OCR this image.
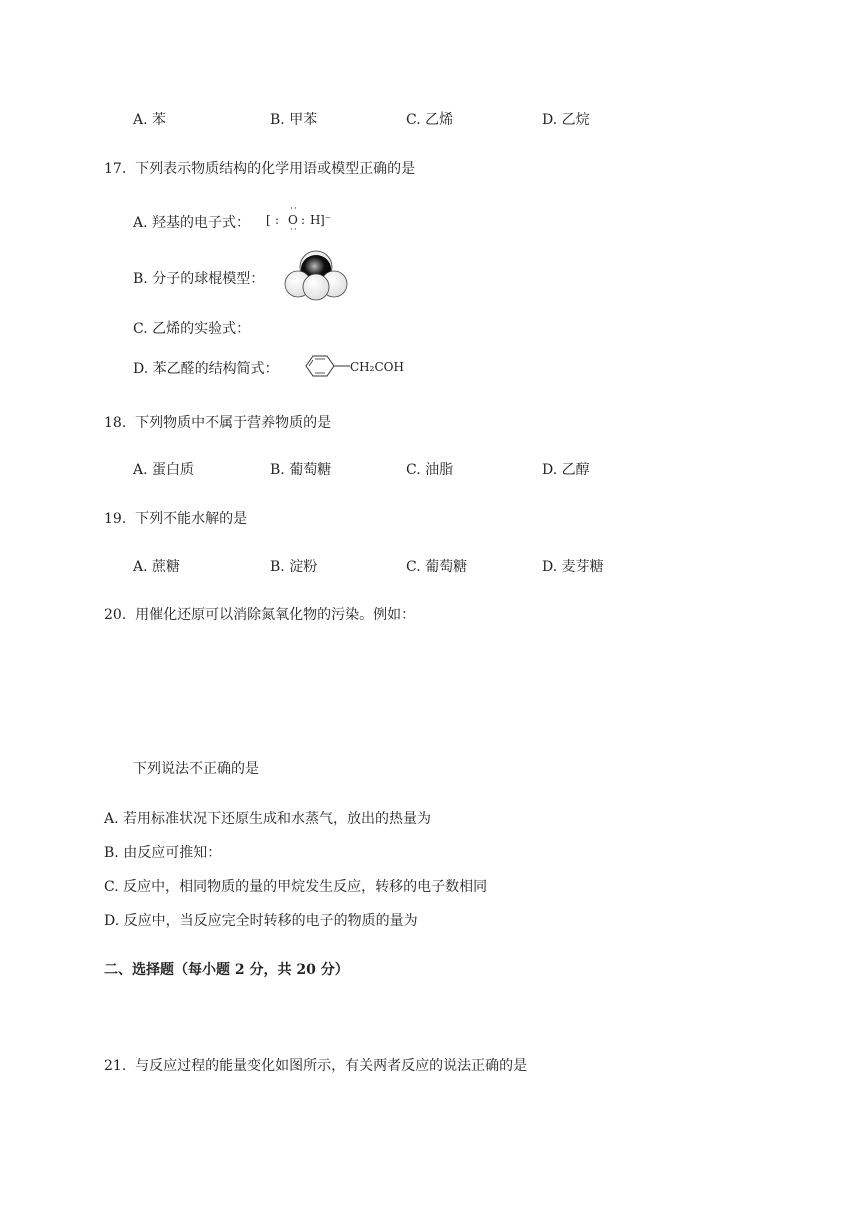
A. 苯	B. 甲苯	C. 乙烯	D. 乙烷
17. 下列表示物质结构的化学用语或模型正确的是
A. 羟基的电子式： [ :
··
O
··
: H ]⁻
B. 分子的球棍模型：
C. 乙烯的实验式：
D. 苯乙醛的结构简式：	CH₂COH
18. 下列物质中不属于营养物质的是
A. 蛋白质	B. 葡萄糖	C. 油脂	D. 乙醇
19. 下列不能水解的是
A. 蔗糖	B. 淀粉	C. 葡萄糖	D. 麦芽糖
20. 用催化还原可以消除氮氧化物的污染。例如：
下列说法不正确的是
A. 若用标准状况下还原生成和水蒸气，放出的热量为
B. 由反应可推知：
C. 反应中，相同物质的量的甲烷发生反应，转移的电子数相同
D. 反应中，当反应完全时转移的电子的物质的量为
二、选择题（每小题 2 分，共 20 分）
21. 与反应过程的能量变化如图所示，有关两者反应的说法正确的是
